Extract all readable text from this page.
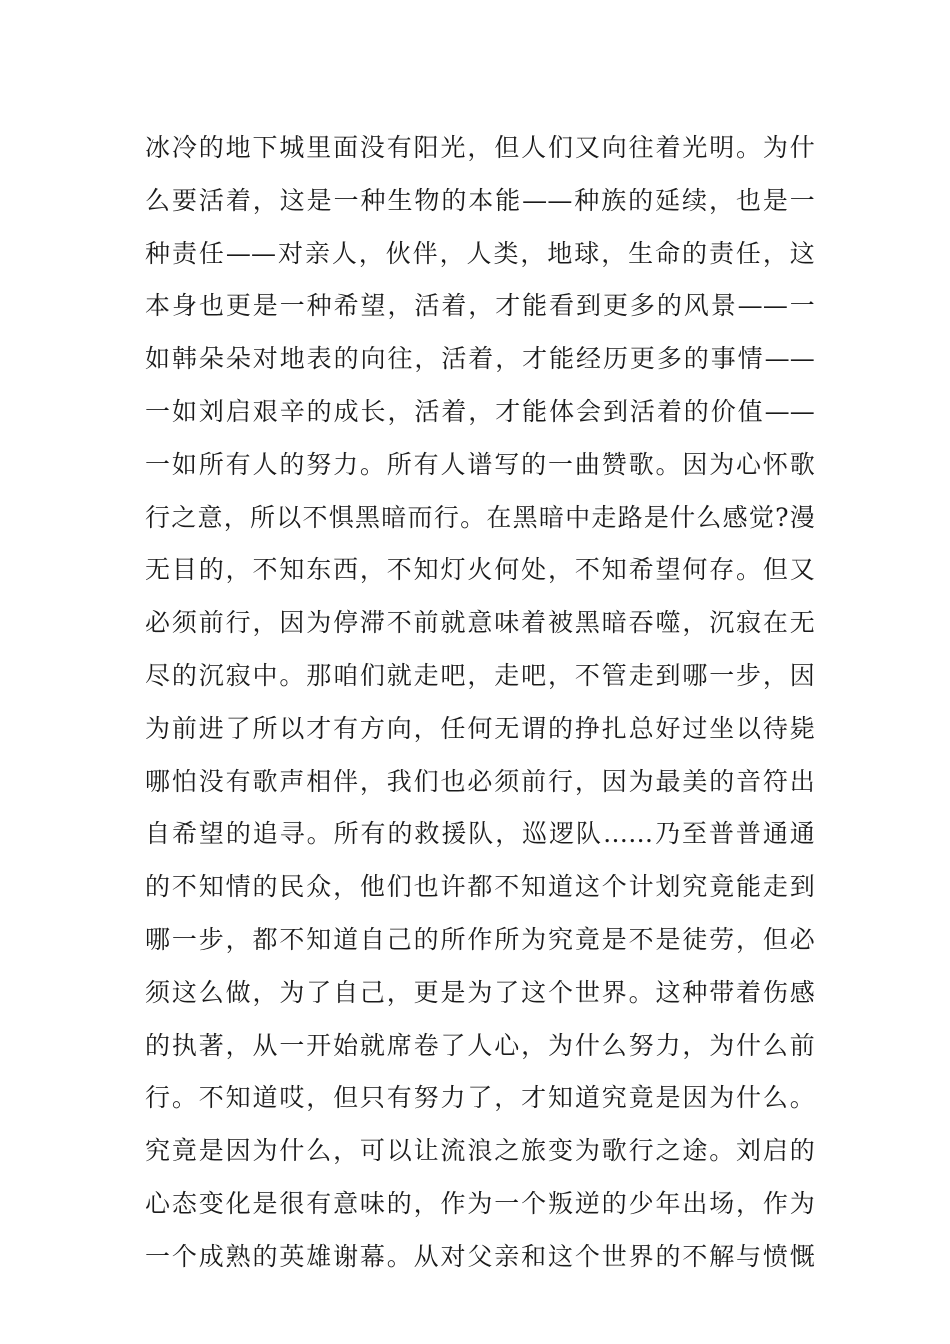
冰冷的地下城里面没有阳光，但人们又向往着光明。为什
么要活着，这是一种生物的本能——种族的延续，也是一
种责任——对亲人，伙伴，人类，地球，生命的责任，这
本身也更是一种希望，活着，才能看到更多的风景——一
如韩朵朵对地表的向往，活着，才能经历更多的事情——
一如刘启艰辛的成长，活着，才能体会到活着的价值——
一如所有人的努力。所有人谱写的一曲赞歌。因为心怀歌
行之意，所以不惧黑暗而行。在黑暗中走路是什么感觉?漫
无目的，不知东西，不知灯火何处，不知希望何存。但又
必须前行，因为停滞不前就意味着被黑暗吞噬，沉寂在无
尽的沉寂中。那咱们就走吧，走吧，不管走到哪一步，因
为前进了所以才有方向，任何无谓的挣扎总好过坐以待毙
哪怕没有歌声相伴，我们也必须前行，因为最美的音符出
自希望的追寻。所有的救援队，巡逻队……乃至普普通通
的不知情的民众，他们也许都不知道这个计划究竟能走到
哪一步，都不知道自己的所作所为究竟是不是徒劳，但必
须这么做，为了自己，更是为了这个世界。这种带着伤感
的执著，从一开始就席卷了人心，为什么努力，为什么前
行。不知道哎，但只有努力了，才知道究竟是因为什么。
究竟是因为什么，可以让流浪之旅变为歌行之途。刘启的
心态变化是很有意味的，作为一个叛逆的少年出场，作为
一个成熟的英雄谢幕。从对父亲和这个世界的不解与愤慨
